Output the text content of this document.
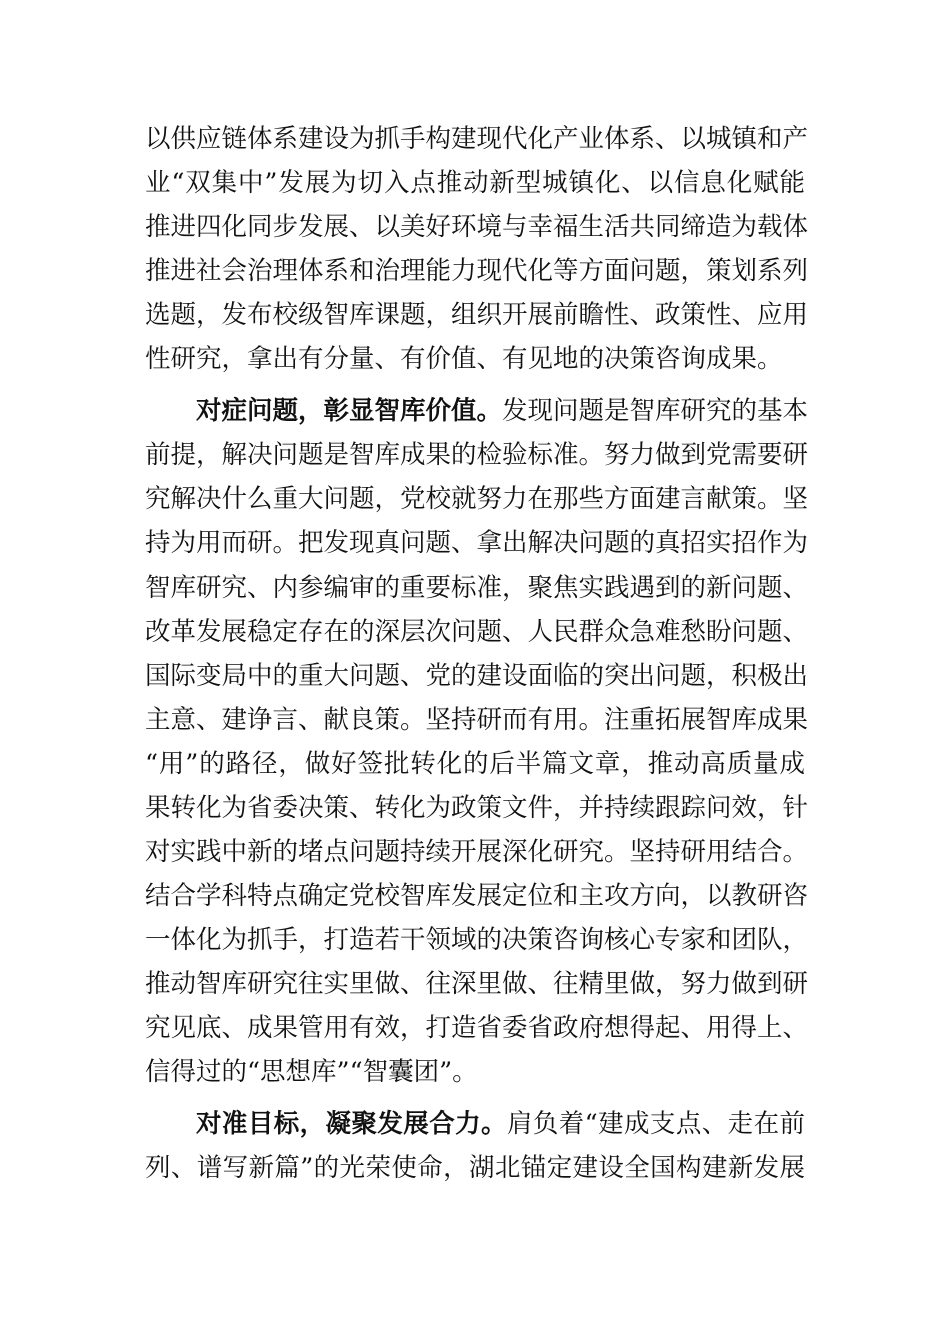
以供应链体系建设为抓手构建现代化产业体系、以城镇和产
业“双集中”发展为切入点推动新型城镇化、以信息化赋能
推进四化同步发展、以美好环境与幸福生活共同缔造为载体
推进社会治理体系和治理能力现代化等方面问题，策划系列
选题，发布校级智库课题，组织开展前瞻性、政策性、应用
性研究，拿出有分量、有价值、有见地的决策咨询成果。
对症问题，彰显智库价值。发现问题是智库研究的基本
前提，解决问题是智库成果的检验标准。努力做到党需要研
究解决什么重大问题，党校就努力在那些方面建言献策。坚
持为用而研。把发现真问题、拿出解决问题的真招实招作为
智库研究、内参编审的重要标准，聚焦实践遇到的新问题、
改革发展稳定存在的深层次问题、人民群众急难愁盼问题、
国际变局中的重大问题、党的建设面临的突出问题，积极出
主意、建诤言、献良策。坚持研而有用。注重拓展智库成果
“用”的路径，做好签批转化的后半篇文章，推动高质量成
果转化为省委决策、转化为政策文件，并持续跟踪问效，针
对实践中新的堵点问题持续开展深化研究。坚持研用结合。
结合学科特点确定党校智库发展定位和主攻方向，以教研咨
一体化为抓手，打造若干领域的决策咨询核心专家和团队，
推动智库研究往实里做、往深里做、往精里做，努力做到研
究见底、成果管用有效，打造省委省政府想得起、用得上、
信得过的“思想库”“智囊团”。
对准目标，凝聚发展合力。肩负着“建成支点、走在前
列、谱写新篇”的光荣使命，湖北锚定建设全国构建新发展
